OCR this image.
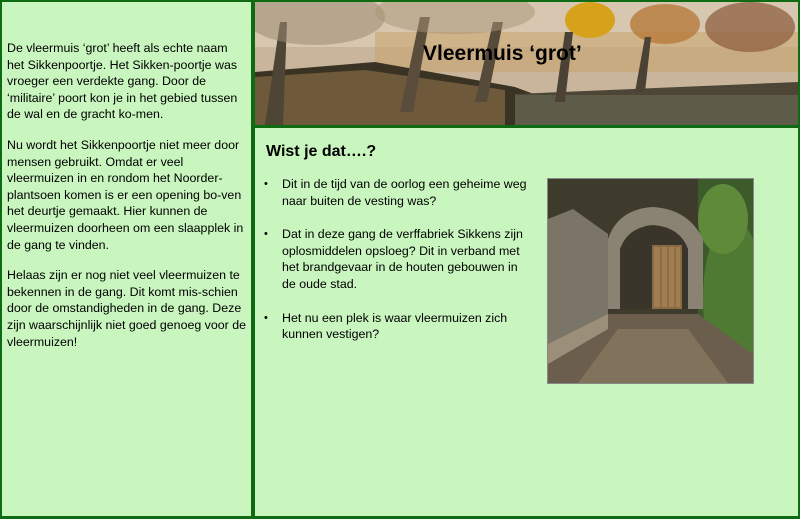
De vleermuis ‘grot’ heeft als echte naam het Sikkenpoortje. Het Sikken-poortje was vroeger een verdekte gang. Door de ‘militaire’ poort kon je in het gebied tussen de wal en de gracht ko-men.

Nu wordt het Sikkenpoortje niet meer door mensen gebruikt. Omdat er veel vleermuizen in en rondom het Noorder-plantsoen komen is er een opening bo-ven het deurtje gemaakt. Hier kunnen de vleermuizen doorheen om een slaapplek in de gang te vinden.

Helaas zijn er nog niet veel vleermuizen te bekennen in de gang. Dit komt mis-schien door de omstandigheden in de gang. Deze zijn waarschijnlijk niet goed genoeg voor de vleermuizen!

Vleermuis ‘grot’
Wist je dat….?
• Dit in de tijd van de oorlog een geheime weg naar buiten de vesting was?
• Dat in deze gang de verffabriek Sikkens zijn oplosmiddelen opsloeg? Dit in verband met het brandgevaar in de houten gebouwen in de oude stad.
• Het nu een plek is waar vleermuizen zich kunnen vestigen?
